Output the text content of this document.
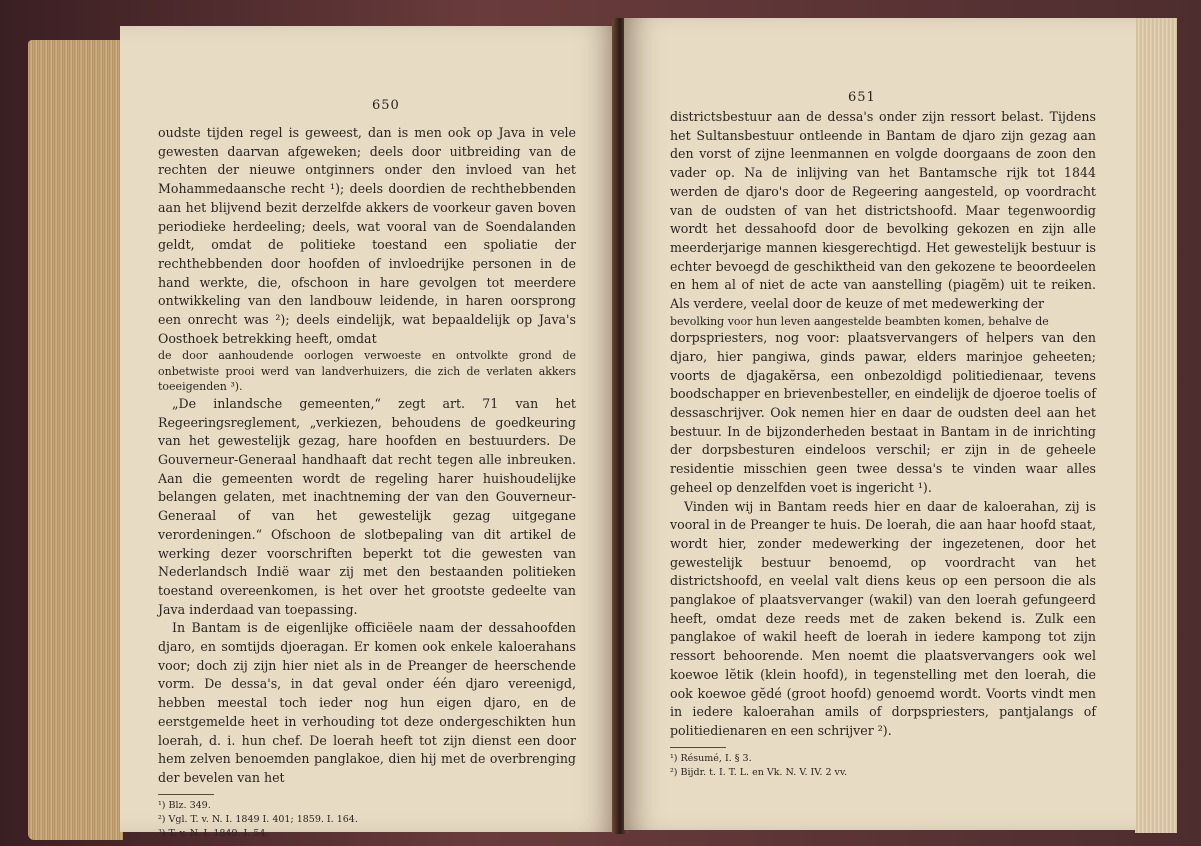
650

oudste tijden regel is geweest, dan is men ook op Java in vele gewesten daarvan afgeweken; deels door uitbreiding van de rechten der nieuwe ontginners onder den invloed van het Mohammedaansche recht ¹); deels doordien de rechthebbenden aan het blijvend bezit derzelfde akkers de voorkeur gaven boven periodieke herdeeling; deels, wat vooral van de Soendalanden geldt, omdat de politieke toestand een spoliatie der rechthebbenden door hoofden of invloedrijke personen in de hand werkte, die, ofschoon in hare gevolgen tot meerdere ontwikkeling van den landbouw leidende, in haren oorsprong een onrecht was ²); deels eindelijk, wat bepaaldelijk op Java's Oosthoek betrekking heeft, omdat

de door aanhoudende oorlogen verwoeste en ontvolkte grond de onbetwiste prooi werd van landverhuizers, die zich de verlaten akkers toeeigenden ³).

„De inlandsche gemeenten,“ zegt art. 71 van het Regeeringsreglement, „verkiezen, behoudens de goedkeuring van het gewestelijk gezag, hare hoofden en bestuurders. De Gouverneur-Generaal handhaaft dat recht tegen alle inbreuken. Aan die gemeenten wordt de regeling harer huishoudelijke belangen gelaten, met inachtneming der van den Gouverneur-Generaal of van het gewestelijk gezag uitgegane verordeningen.“ Ofschoon de slotbepaling van dit artikel de werking dezer voorschriften beperkt tot die gewesten van Nederlandsch Indië waar zij met den bestaanden politieken toestand overeenkomen, is het over het grootste gedeelte van Java inderdaad van toepassing.

In Bantam is de eigenlijke officiëele naam der dessahoofden djaro, en somtijds djoeragan. Er komen ook enkele kaloerahans voor; doch zij zijn hier niet als in de Preanger de heerschende vorm. De dessa's, in dat geval onder één djaro vereenigd, hebben meestal toch ieder nog hun eigen djaro, en de eerstgemelde heet in verhouding tot deze ondergeschikten hun loerah, d. i. hun chef. De loerah heeft tot zijn dienst een door hem zelven benoemden panglakoe, dien hij met de overbrenging der bevelen van het

¹) Blz. 349.
²) Vgl. T. v. N. I. 1849 I. 401; 1859. I. 164.
³) T. v. N. I. 1849. I. 54.
651

districtsbestuur aan de dessa's onder zijn ressort belast. Tijdens het Sultansbestuur ontleende in Bantam de djaro zijn gezag aan den vorst of zijne leenmannen en volgde doorgaans de zoon den vader op. Na de inlijving van het Bantamsche rijk tot 1844 werden de djaro's door de Regeering aangesteld, op voordracht van de oudsten of van het districtshoofd. Maar tegenwoordig wordt het dessahoofd door de bevolking gekozen en zijn alle meerderjarige mannen kiesgerechtigd. Het gewestelijk bestuur is echter bevoegd de geschiktheid van den gekozene te beoordeelen en hem al of niet de acte van aanstelling (piagĕm) uit te reiken. Als verdere, veelal door de keuze of met medewerking der

bevolking voor hun leven aangestelde beambten komen, behalve de

dorpspriesters, nog voor: plaatsvervangers of helpers van den djaro, hier pangiwa, ginds pawar, elders marinjoe geheeten; voorts de djagakĕrsa, een onbezoldigd politiedienaar, tevens boodschapper en brievenbesteller, en eindelijk de djoeroe toelis of dessaschrijver. Ook nemen hier en daar de oudsten deel aan het bestuur. In de bijzonderheden bestaat in Bantam in de inrichting der dorpsbesturen eindeloos verschil; er zijn in de geheele residentie misschien geen twee dessa's te vinden waar alles geheel op denzelfden voet is ingericht ¹).

Vinden wij in Bantam reeds hier en daar de kaloerahan, zij is vooral in de Preanger te huis. De loerah, die aan haar hoofd staat, wordt hier, zonder medewerking der ingezetenen, door het gewestelijk bestuur benoemd, op voordracht van het districtshoofd, en veelal valt diens keus op een persoon die als panglakoe of plaatsvervanger (wakil) van den loerah gefungeerd heeft, omdat deze reeds met de zaken bekend is. Zulk een panglakoe of wakil heeft de loerah in iedere kampong tot zijn ressort behoorende. Men noemt die plaatsvervangers ook wel koewoe lĕtik (klein hoofd), in tegenstelling met den loerah, die ook koewoe gĕdé (groot hoofd) genoemd wordt. Voorts vindt men in iedere kaloerahan amils of dorpspriesters, pantjalangs of politiedienaren en een schrijver ²).

¹) Résumé, I. § 3.
²) Bijdr. t. I. T. L. en Vk. N. V. IV. 2 vv.
